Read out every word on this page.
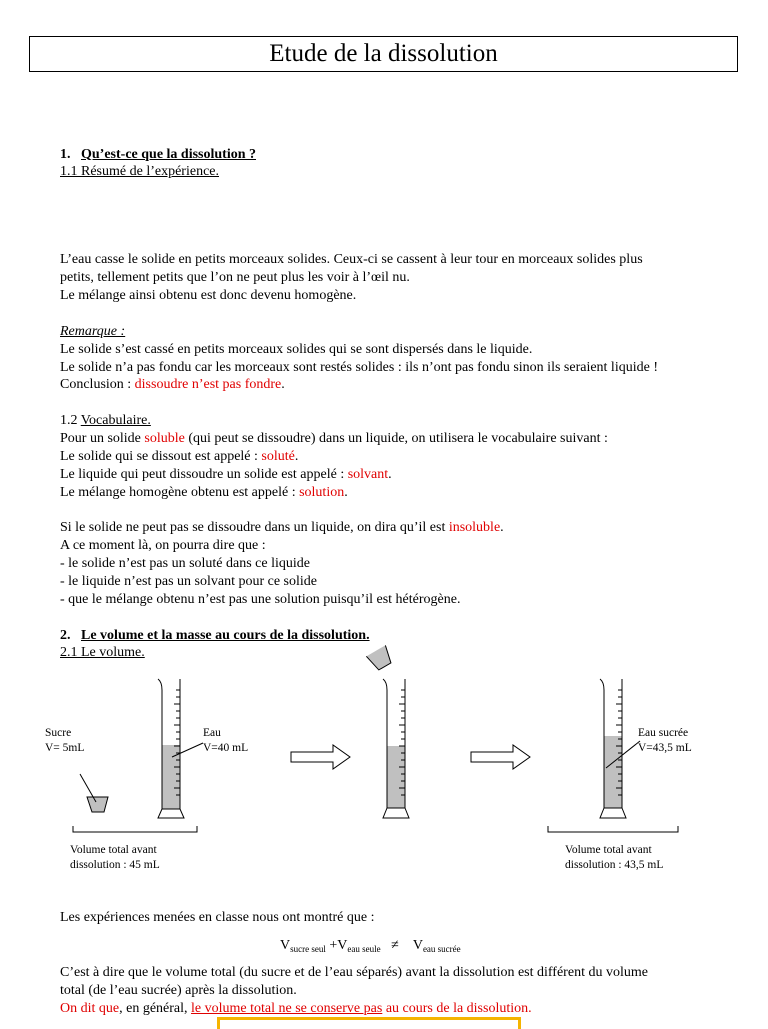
Etude de la dissolution
1. Qu’est-ce que la dissolution ?
1.1 Résumé de l’expérience.
L’eau casse le solide en petits morceaux solides. Ceux-ci se cassent à leur tour en morceaux solides plus
petits, tellement petits que l’on ne peut plus les voir à l’œil nu.
Le mélange ainsi obtenu est donc devenu homogène.
Remarque :
Le solide s’est cassé en petits morceaux solides qui se sont dispersés dans le liquide.
Le solide n’a pas fondu car les morceaux sont restés solides : ils n’ont pas fondu sinon ils seraient liquide !
Conclusion : dissoudre n’est pas fondre.
1.2 Vocabulaire.
Pour un solide soluble (qui peut se dissoudre) dans un liquide, on utilisera le vocabulaire suivant :
Le solide qui se dissout est appelé : soluté.
Le liquide qui peut dissoudre un solide est appelé : solvant.
Le mélange homogène obtenu est appelé : solution.
Si le solide ne peut pas se dissoudre dans un liquide, on dira qu’il est insoluble.
A ce moment là, on pourra dire que :
- le solide n’est pas un soluté dans ce liquide
- le liquide n’est pas un solvant pour ce solide
- que le mélange obtenu n’est pas une solution puisqu’il est hétérogène.
2. Le volume et la masse au cours de la dissolution.
2.1 Le volume.
Sucre
V= 5mL
Eau
V=40 mL
Eau sucrée
V=43,5 mL
Volume total avant
dissolution : 45 mL
Volume total avant
dissolution : 43,5 mL
Les expériences menées en classe nous ont montré que :
$V_{sucre seul} +V_{eau seule} \ne V_{eau sucrée}$
C’est à dire que le volume total (du sucre et de l’eau séparés) avant la dissolution est différent du volume
total (de l’eau sucrée) après la dissolution.
On dit que, en général, le volume total ne se conserve pas au cours de la dissolution.
